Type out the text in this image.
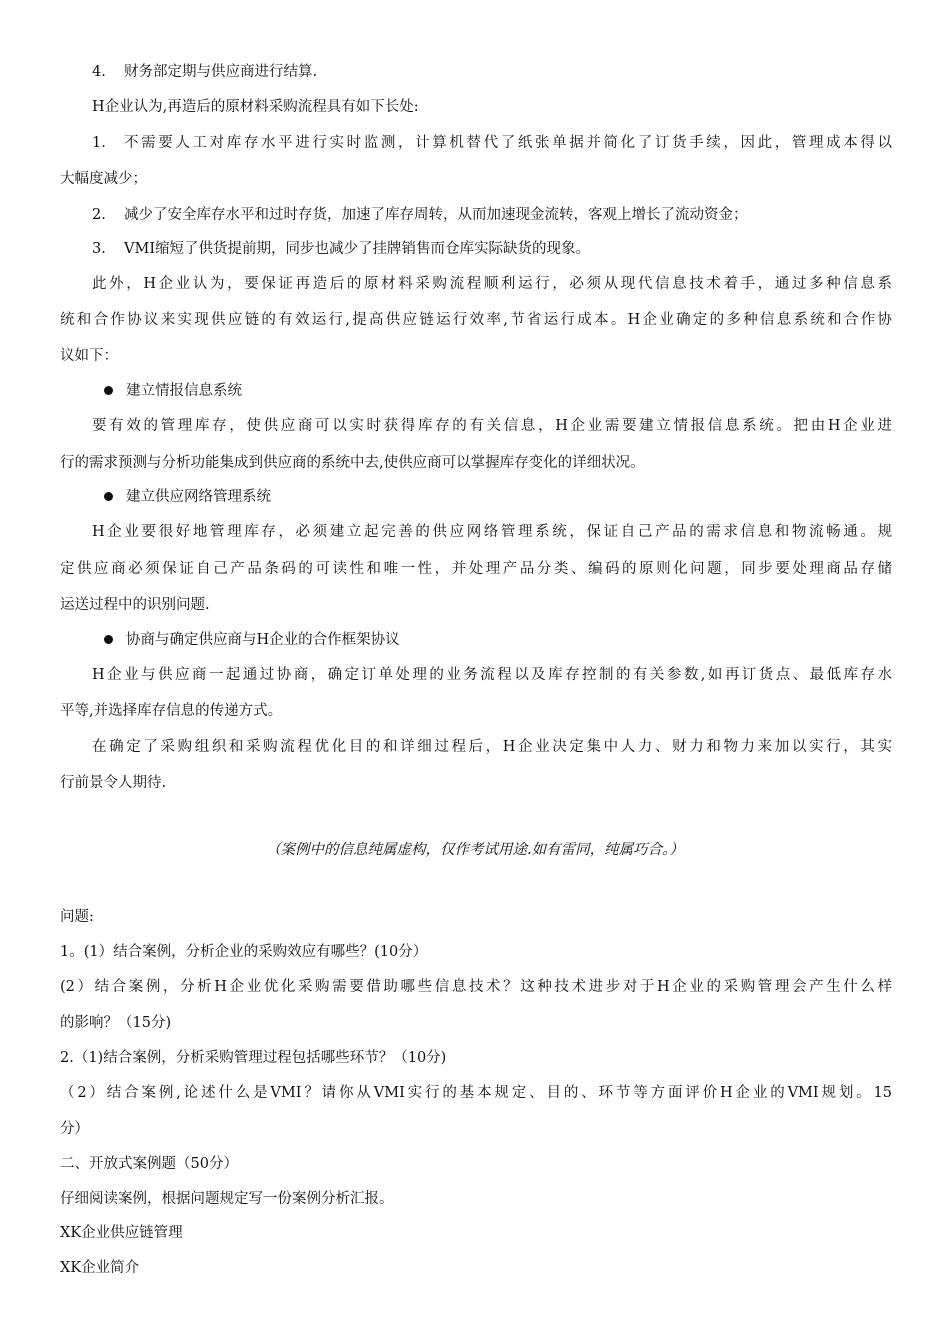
4. 财务部定期与供应商进行结算.
H企业认为,再造后的原材料采购流程具有如下长处:
1. 不需要人工对库存水平进行实时监测，计算机替代了纸张单据并简化了订货手续，因此，管理成本得以
大幅度减少；
2. 减少了安全库存水平和过时存货，加速了库存周转，从而加速现金流转，客观上增长了流动资金；
3. VMI缩短了供货提前期，同步也减少了挂牌销售而仓库实际缺货的现象。
此外，H企业认为，要保证再造后的原材料采购流程顺利运行，必须从现代信息技术着手，通过多种信息系
统和合作协议来实现供应链的有效运行,提高供应链运行效率,节省运行成本。H企业确定的多种信息系统和合作协
议如下：
建立情报信息系统
要有效的管理库存，使供应商可以实时获得库存的有关信息，H企业需要建立情报信息系统。把由H企业进
行的需求预测与分析功能集成到供应商的系统中去,使供应商可以掌握库存变化的详细状况。
建立供应网络管理系统
H企业要很好地管理库存，必须建立起完善的供应网络管理系统，保证自己产品的需求信息和物流畅通。规
定供应商必须保证自己产品条码的可读性和唯一性，并处理产品分类、编码的原则化问题，同步要处理商品存储
运送过程中的识别问题.
协商与确定供应商与H企业的合作框架协议
H企业与供应商一起通过协商，确定订单处理的业务流程以及库存控制的有关参数,如再订货点、最低库存水
平等,并选择库存信息的传递方式。
在确定了采购组织和采购流程优化目的和详细过程后，H企业决定集中人力、财力和物力来加以实行，其实
行前景令人期待.
（案例中的信息纯属虚构，仅作考试用途.如有雷同，纯属巧合。）
问题:
1。(1）结合案例，分析企业的采购效应有哪些？(10分）
(2）结合案例，分析H企业优化采购需要借助哪些信息技术？这种技术进步对于H企业的采购管理会产生什么样
的影响？（15分)
2.（1)结合案例，分析采购管理过程包括哪些环节？（10分)
（2）结合案例,论述什么是VMI？请你从VMI实行的基本规定、目的、环节等方面评价H企业的VMI规划。15
分）
二、开放式案例题（50分）
仔细阅读案例，根据问题规定写一份案例分析汇报。
XK企业供应链管理
XK企业简介
